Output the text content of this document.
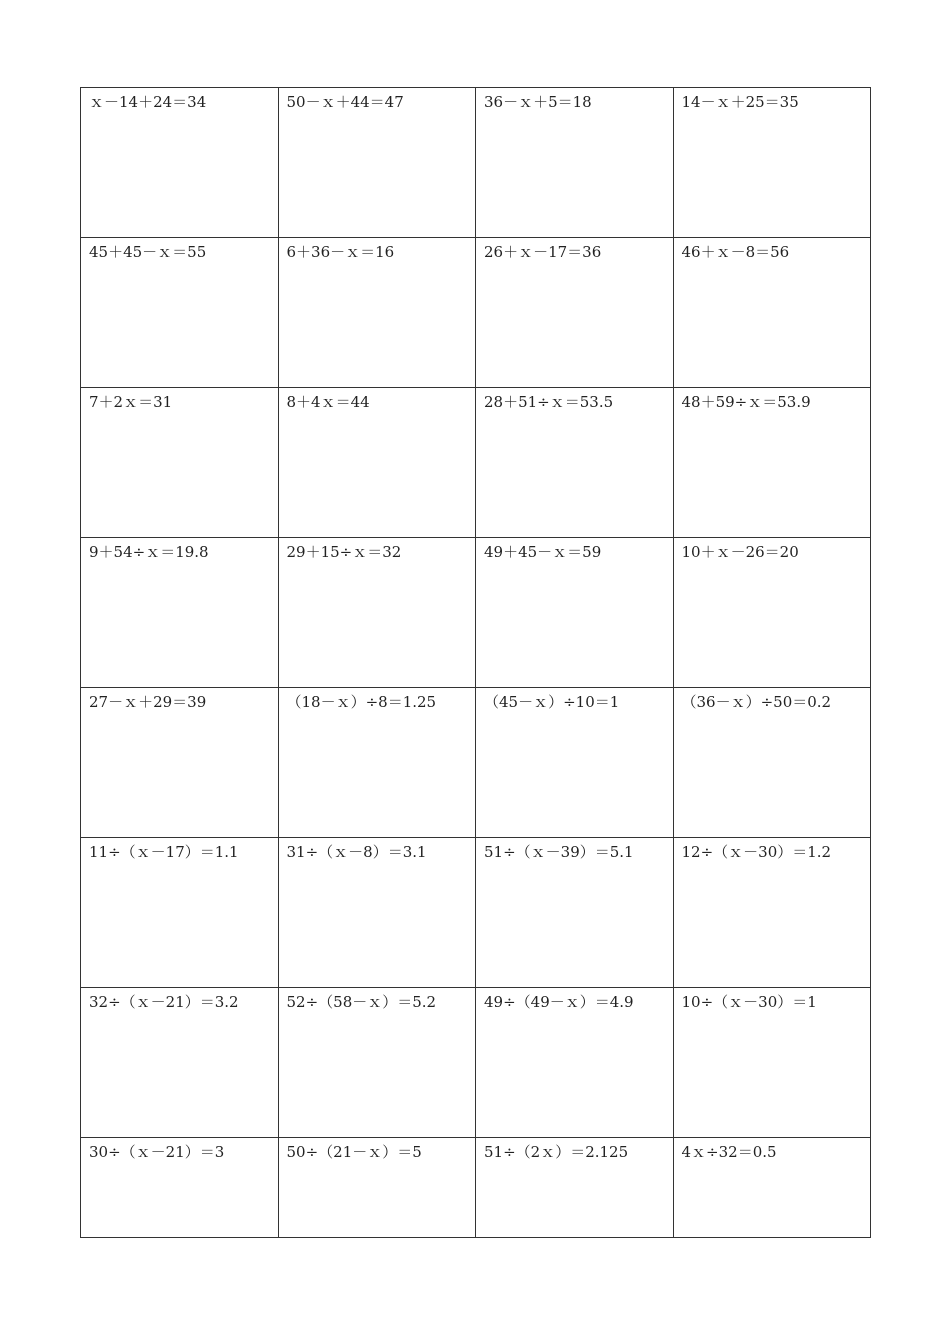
ｘ－14＋24＝34	50－ｘ＋44＝47	36－ｘ＋5＝18	14－ｘ＋25＝35
45＋45－ｘ＝55	6＋36－ｘ＝16	26＋ｘ－17＝36	46＋ｘ－8＝56
7＋2ｘ＝31	8＋4ｘ＝44	28＋51÷ｘ＝53.5	48＋59÷ｘ＝53.9
9＋54÷ｘ＝19.8	29＋15÷ｘ＝32	49＋45－ｘ＝59	10＋ｘ－26＝20
27－ｘ＋29＝39	（18－ｘ）÷8＝1.25	（45－ｘ）÷10＝1	（36－ｘ）÷50＝0.2
11÷（ｘ－17）＝1.1	31÷（ｘ－8）＝3.1	51÷（ｘ－39）＝5.1	12÷（ｘ－30）＝1.2
32÷（ｘ－21）＝3.2	52÷（58－ｘ）＝5.2	49÷（49－ｘ）＝4.9	10÷（ｘ－30）＝1
30÷（ｘ－21）＝3	50÷（21－ｘ）＝5	51÷（2ｘ）＝2.125	4ｘ÷32＝0.5
